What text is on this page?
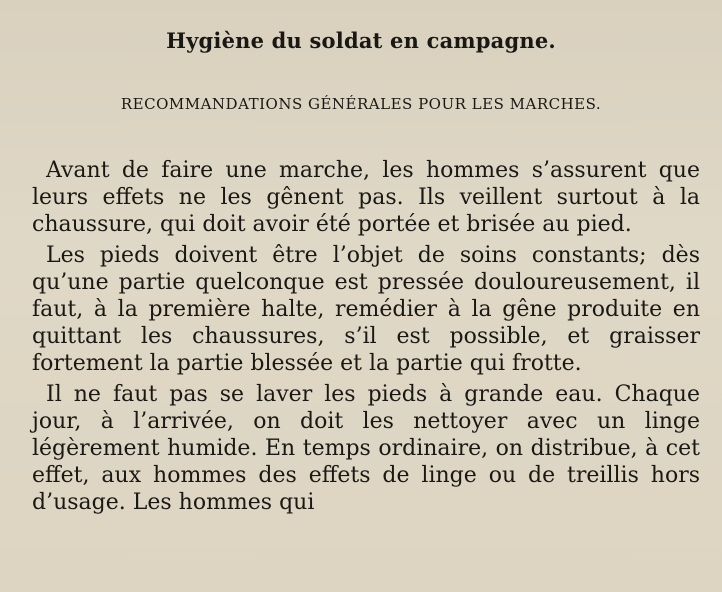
Hygiène du soldat en campagne.
RECOMMANDATIONS GÉNÉRALES POUR LES MARCHES.

Avant de faire une marche, les hommes s’assurent que leurs effets ne les gênent pas. Ils veillent surtout à la chaussure, qui doit avoir été portée et brisée au pied.

Les pieds doivent être l’objet de soins constants; dès qu’une partie quelconque est pressée douloureusement, il faut, à la première halte, remédier à la gêne produite en quittant les chaussures, s’il est possible, et graisser fortement la partie blessée et la partie qui frotte.

Il ne faut pas se laver les pieds à grande eau. Chaque jour, à l’arrivée, on doit les nettoyer avec un linge légèrement humide. En temps ordinaire, on distribue, à cet effet, aux hommes des effets de linge ou de treillis hors d’usage. Les hommes qui
